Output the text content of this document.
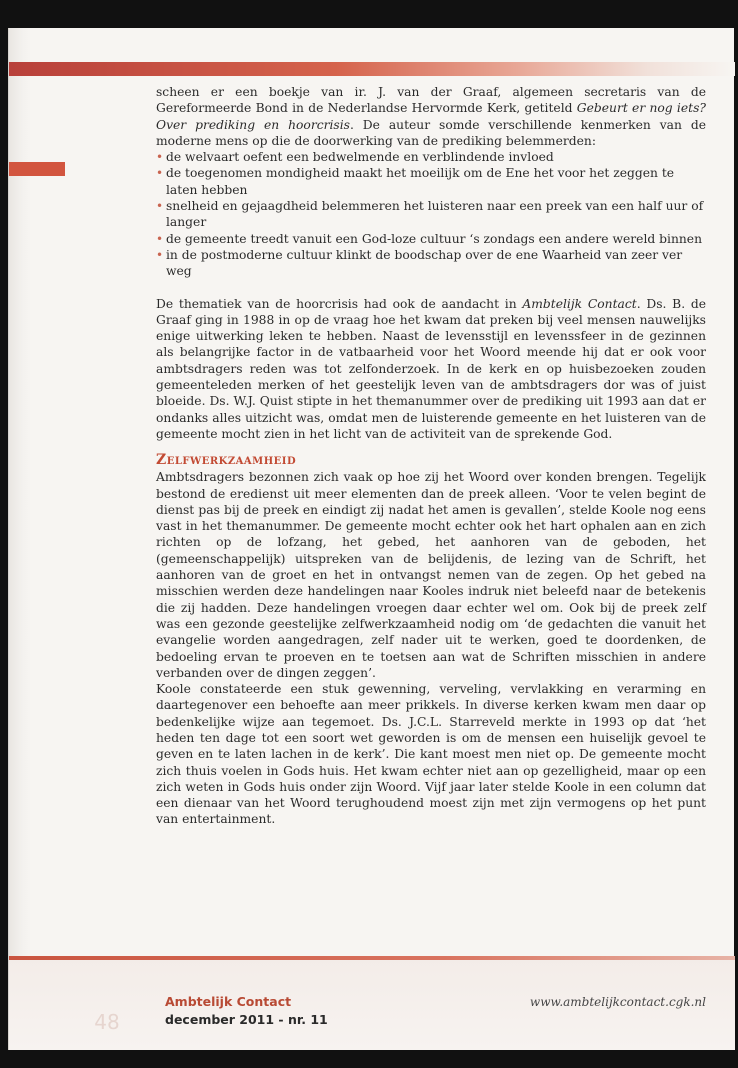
48
Ambtelijk Contact
december 2011 - nr. 11
www.ambtelijkcontact.cgk.nl

scheen er een boekje van ir. J. van der Graaf, algemeen secretaris van de Gereformeerde Bond in de Nederlandse Hervormde Kerk, getiteld Gebeurt er nog iets? Over prediking en hoorcrisis. De auteur somde verschillende kenmerken van de moderne mens op die de doorwerking van de prediking belemmerden:

• de welvaart oefent een bedwelmende en verblindende invloed
• de toegenomen mondigheid maakt het moeilijk om de Ene het voor het zeggen te laten hebben
• snelheid en gejaagdheid belemmeren het luisteren naar een preek van een half uur of langer
• de gemeente treedt vanuit een God-loze cultuur ‘s zondags een andere wereld binnen
• in de postmoderne cultuur klinkt de boodschap over de ene Waarheid van zeer ver weg

De thematiek van de hoorcrisis had ook de aandacht in Ambtelijk Contact. Ds. B. de Graaf ging in 1988 in op de vraag hoe het kwam dat preken bij veel mensen nauwelijks enige uitwerking leken te hebben. Naast de levensstijl en levenssfeer in de gezinnen als belangrijke factor in de vatbaarheid voor het Woord meende hij dat er ook voor ambtsdragers reden was tot zelfonderzoek. In de kerk en op huisbezoeken zouden gemeenteleden merken of het geestelijk leven van de ambtsdragers dor was of juist bloeide. Ds. W.J. Quist stipte in het themanummer over de prediking uit 1993 aan dat er ondanks alles uitzicht was, omdat men de luisterende gemeente en het luisteren van de gemeente mocht zien in het licht van de activiteit van de sprekende God.

Zelfwerkzaamheid

Ambtsdragers bezonnen zich vaak op hoe zij het Woord over konden brengen. Tegelijk bestond de eredienst uit meer elementen dan de preek alleen. ‘Voor te velen begint de dienst pas bij de preek en eindigt zij nadat het amen is gevallen’, stelde Koole nog eens vast in het themanummer. De gemeente mocht echter ook het hart ophalen aan en zich richten op de lofzang, het gebed, het aanhoren van de geboden, het (gemeenschappelijk) uitspreken van de belijdenis, de lezing van de Schrift, het aanhoren van de groet en het in ontvangst nemen van de zegen. Op het gebed na misschien werden deze handelingen naar Kooles indruk niet beleefd naar de betekenis die zij hadden. Deze handelingen vroegen daar echter wel om. Ook bij de preek zelf was een gezonde geestelijke zelfwerkzaamheid nodig om ‘de gedachten die vanuit het evangelie worden aangedragen, zelf nader uit te werken, goed te doordenken, de bedoeling ervan te proeven en te toetsen aan wat de Schriften misschien in andere verbanden over de dingen zeggen’.

Koole constateerde een stuk gewenning, verveling, vervlakking en verarming en daartegenover een behoefte aan meer prikkels. In diverse kerken kwam men daar op bedenkelijke wijze aan tegemoet. Ds. J.C.L. Starreveld merkte in 1993 op dat ‘het heden ten dage tot een soort wet geworden is om de mensen een huiselijk gevoel te geven en te laten lachen in de kerk’. Die kant moest men niet op. De gemeente mocht zich thuis voelen in Gods huis. Het kwam echter niet aan op gezelligheid, maar op een zich weten in Gods huis onder zijn Woord. Vijf jaar later stelde Koole in een column dat een dienaar van het Woord terughoudend moest zijn met zijn vermogens op het punt van entertainment.
